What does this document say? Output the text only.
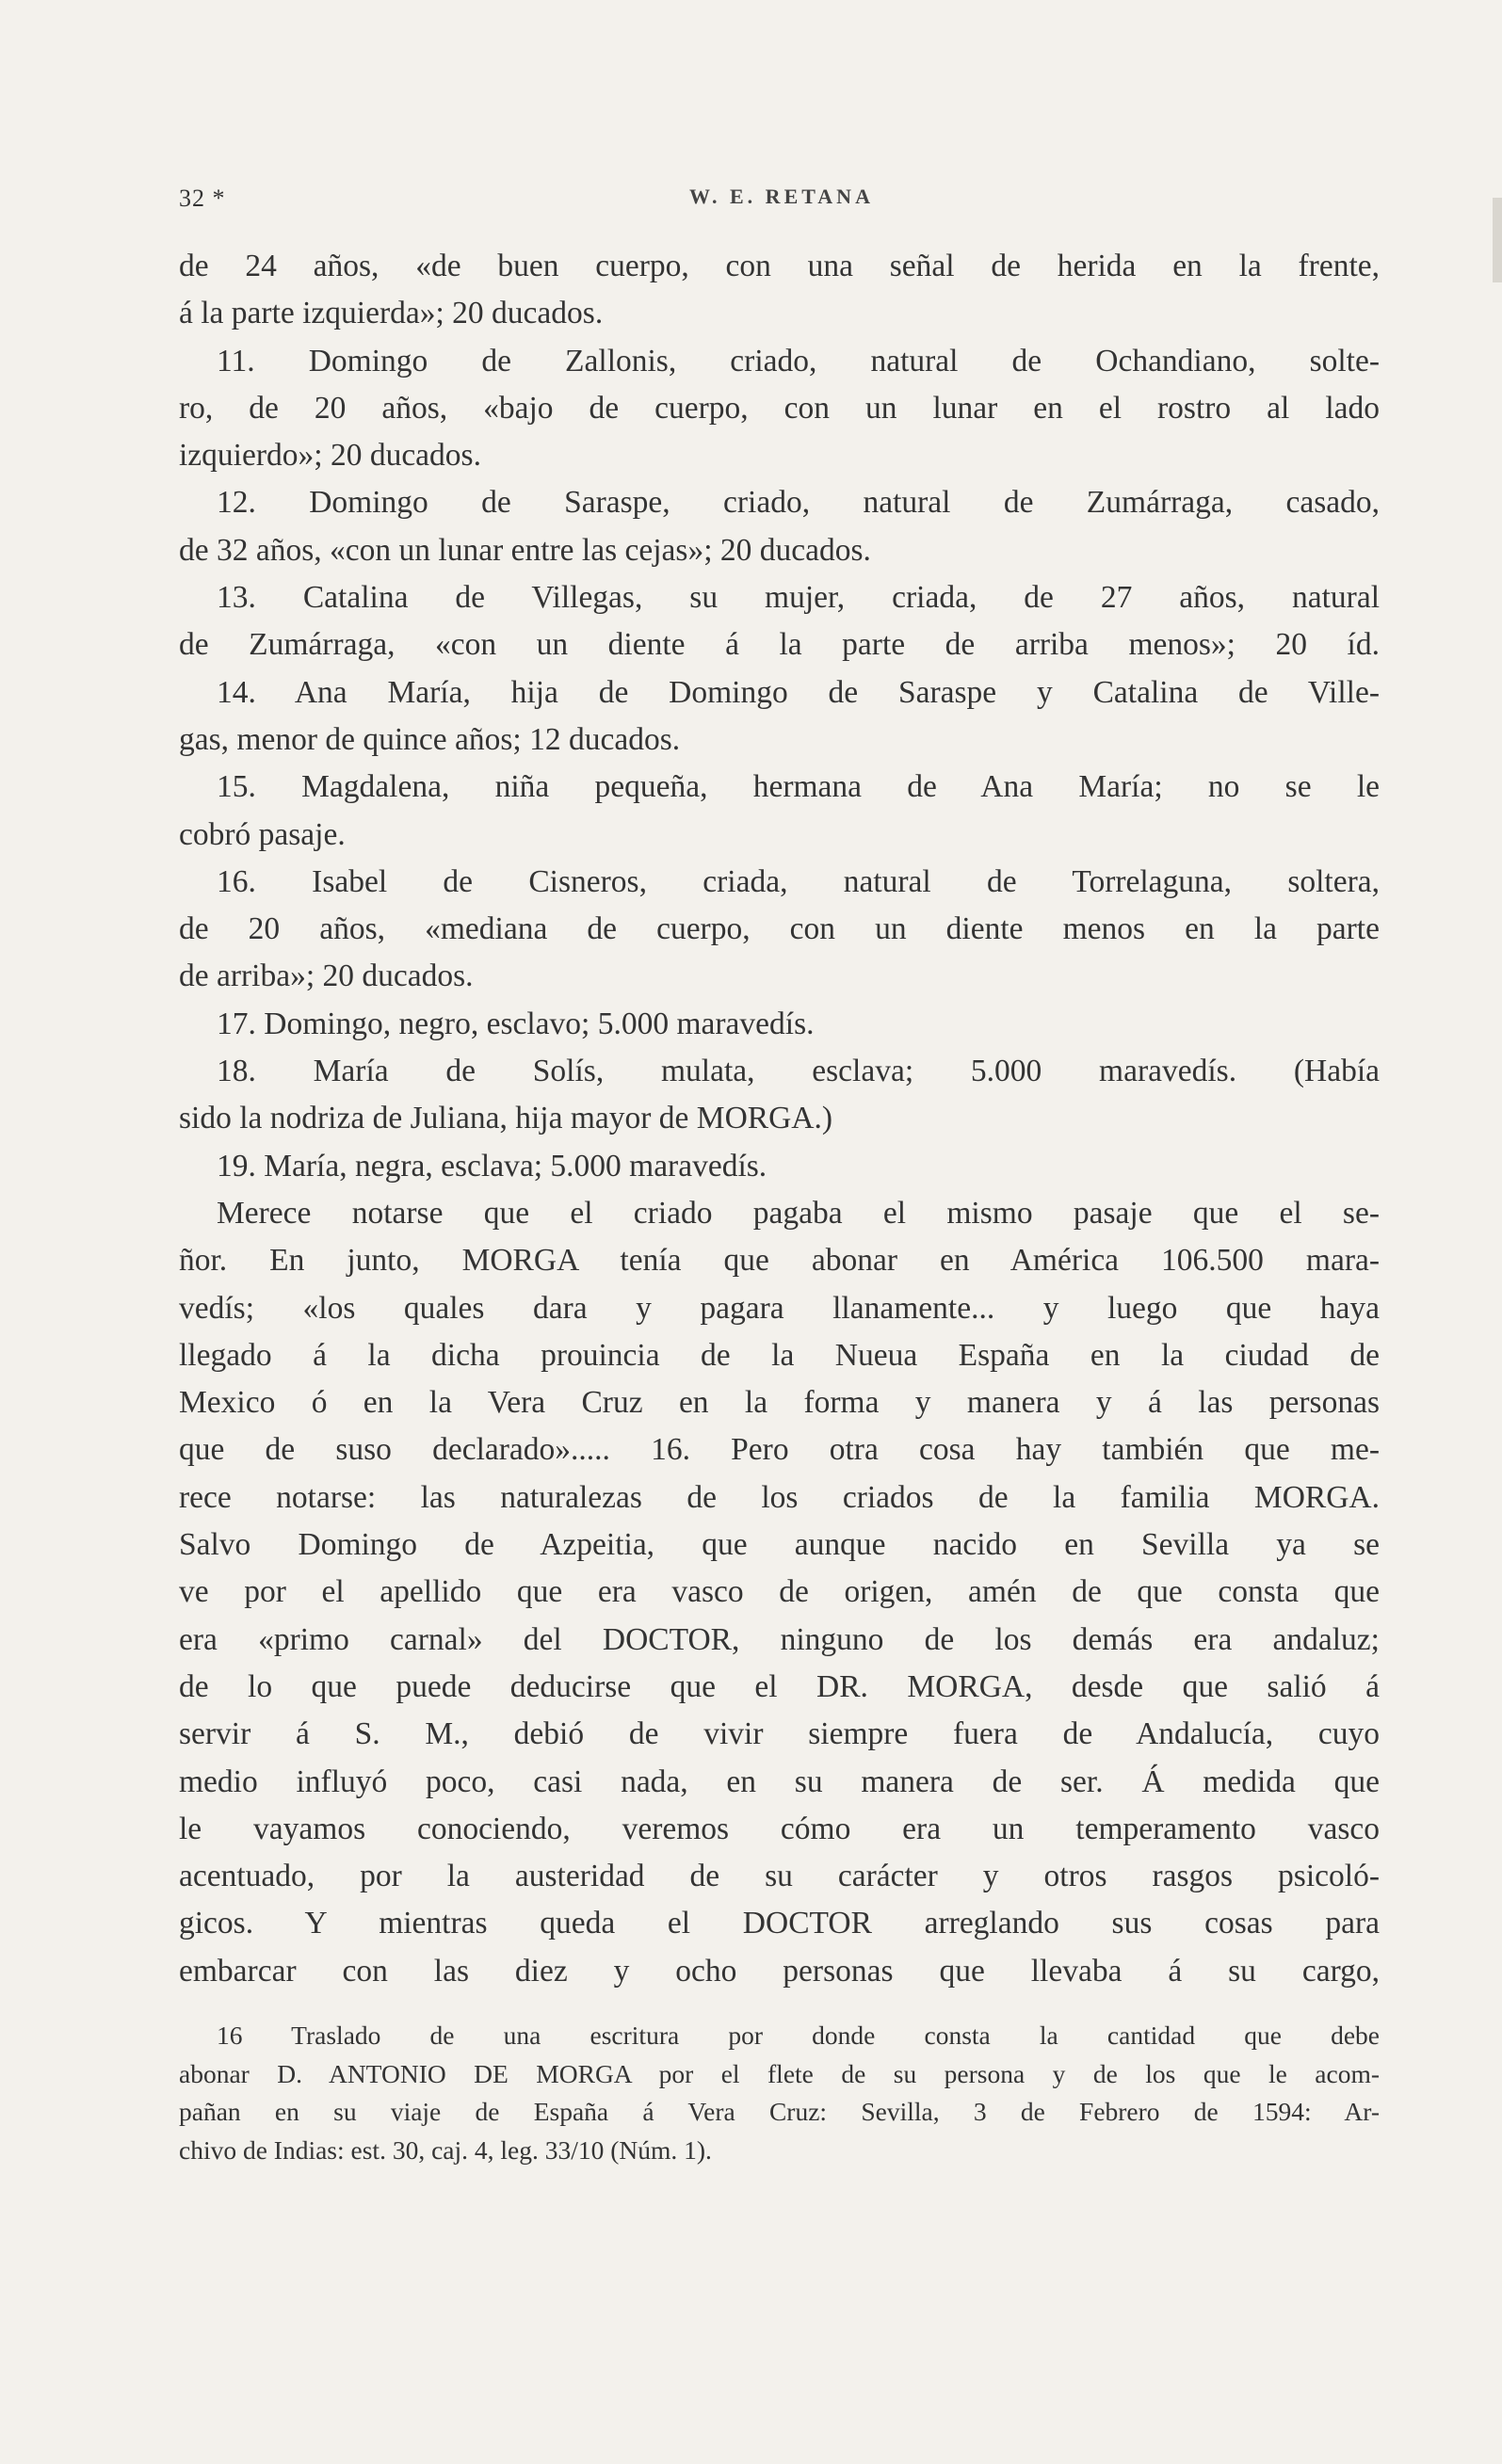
32 *	W. E. RETANA
de 24 años, «de buen cuerpo, con una señal de herida en la frente,
á la parte izquierda»; 20 ducados.
11. Domingo de Zallonis, criado, natural de Ochandiano, solte-
ro, de 20 años, «bajo de cuerpo, con un lunar en el rostro al lado
izquierdo»; 20 ducados.
12. Domingo de Saraspe, criado, natural de Zumárraga, casado,
de 32 años, «con un lunar entre las cejas»; 20 ducados.
13. Catalina de Villegas, su mujer, criada, de 27 años, natural
de Zumárraga, «con un diente á la parte de arriba menos»; 20 íd.
14. Ana María, hija de Domingo de Saraspe y Catalina de Ville-
gas, menor de quince años; 12 ducados.
15. Magdalena, niña pequeña, hermana de Ana María; no se le
cobró pasaje.
16. Isabel de Cisneros, criada, natural de Torrelaguna, soltera,
de 20 años, «mediana de cuerpo, con un diente menos en la parte
de arriba»; 20 ducados.
17. Domingo, negro, esclavo; 5.000 maravedís.
18. María de Solís, mulata, esclava; 5.000 maravedís. (Había
sido la nodriza de Juliana, hija mayor de MORGA.)
19. María, negra, esclava; 5.000 maravedís.
Merece notarse que el criado pagaba el mismo pasaje que el se-
ñor. En junto, MORGA tenía que abonar en América 106.500 mara-
vedís; «los quales dara y pagara llanamente... y luego que haya
llegado á la dicha prouincia de la Nueua España en la ciudad de
Mexico ó en la Vera Cruz en la forma y manera y á las personas
que de suso declarado»..... 16. Pero otra cosa hay también que me-
rece notarse: las naturalezas de los criados de la familia MORGA.
Salvo Domingo de Azpeitia, que aunque nacido en Sevilla ya se
ve por el apellido que era vasco de origen, amén de que consta que
era «primo carnal» del DOCTOR, ninguno de los demás era andaluz;
de lo que puede deducirse que el DR. MORGA, desde que salió á
servir á S. M., debió de vivir siempre fuera de Andalucía, cuyo
medio influyó poco, casi nada, en su manera de ser. Á medida que
le vayamos conociendo, veremos cómo era un temperamento vasco
acentuado, por la austeridad de su carácter y otros rasgos psicoló-
gicos. Y mientras queda el DOCTOR arreglando sus cosas para
embarcar con las diez y ocho personas que llevaba á su cargo,
16 Traslado de una escritura por donde consta la cantidad que debe
abonar D. ANTONIO DE MORGA por el flete de su persona y de los que le acom-
pañan en su viaje de España á Vera Cruz: Sevilla, 3 de Febrero de 1594: Ar-
chivo de Indias: est. 30, caj. 4, leg. 33/10 (Núm. 1).
